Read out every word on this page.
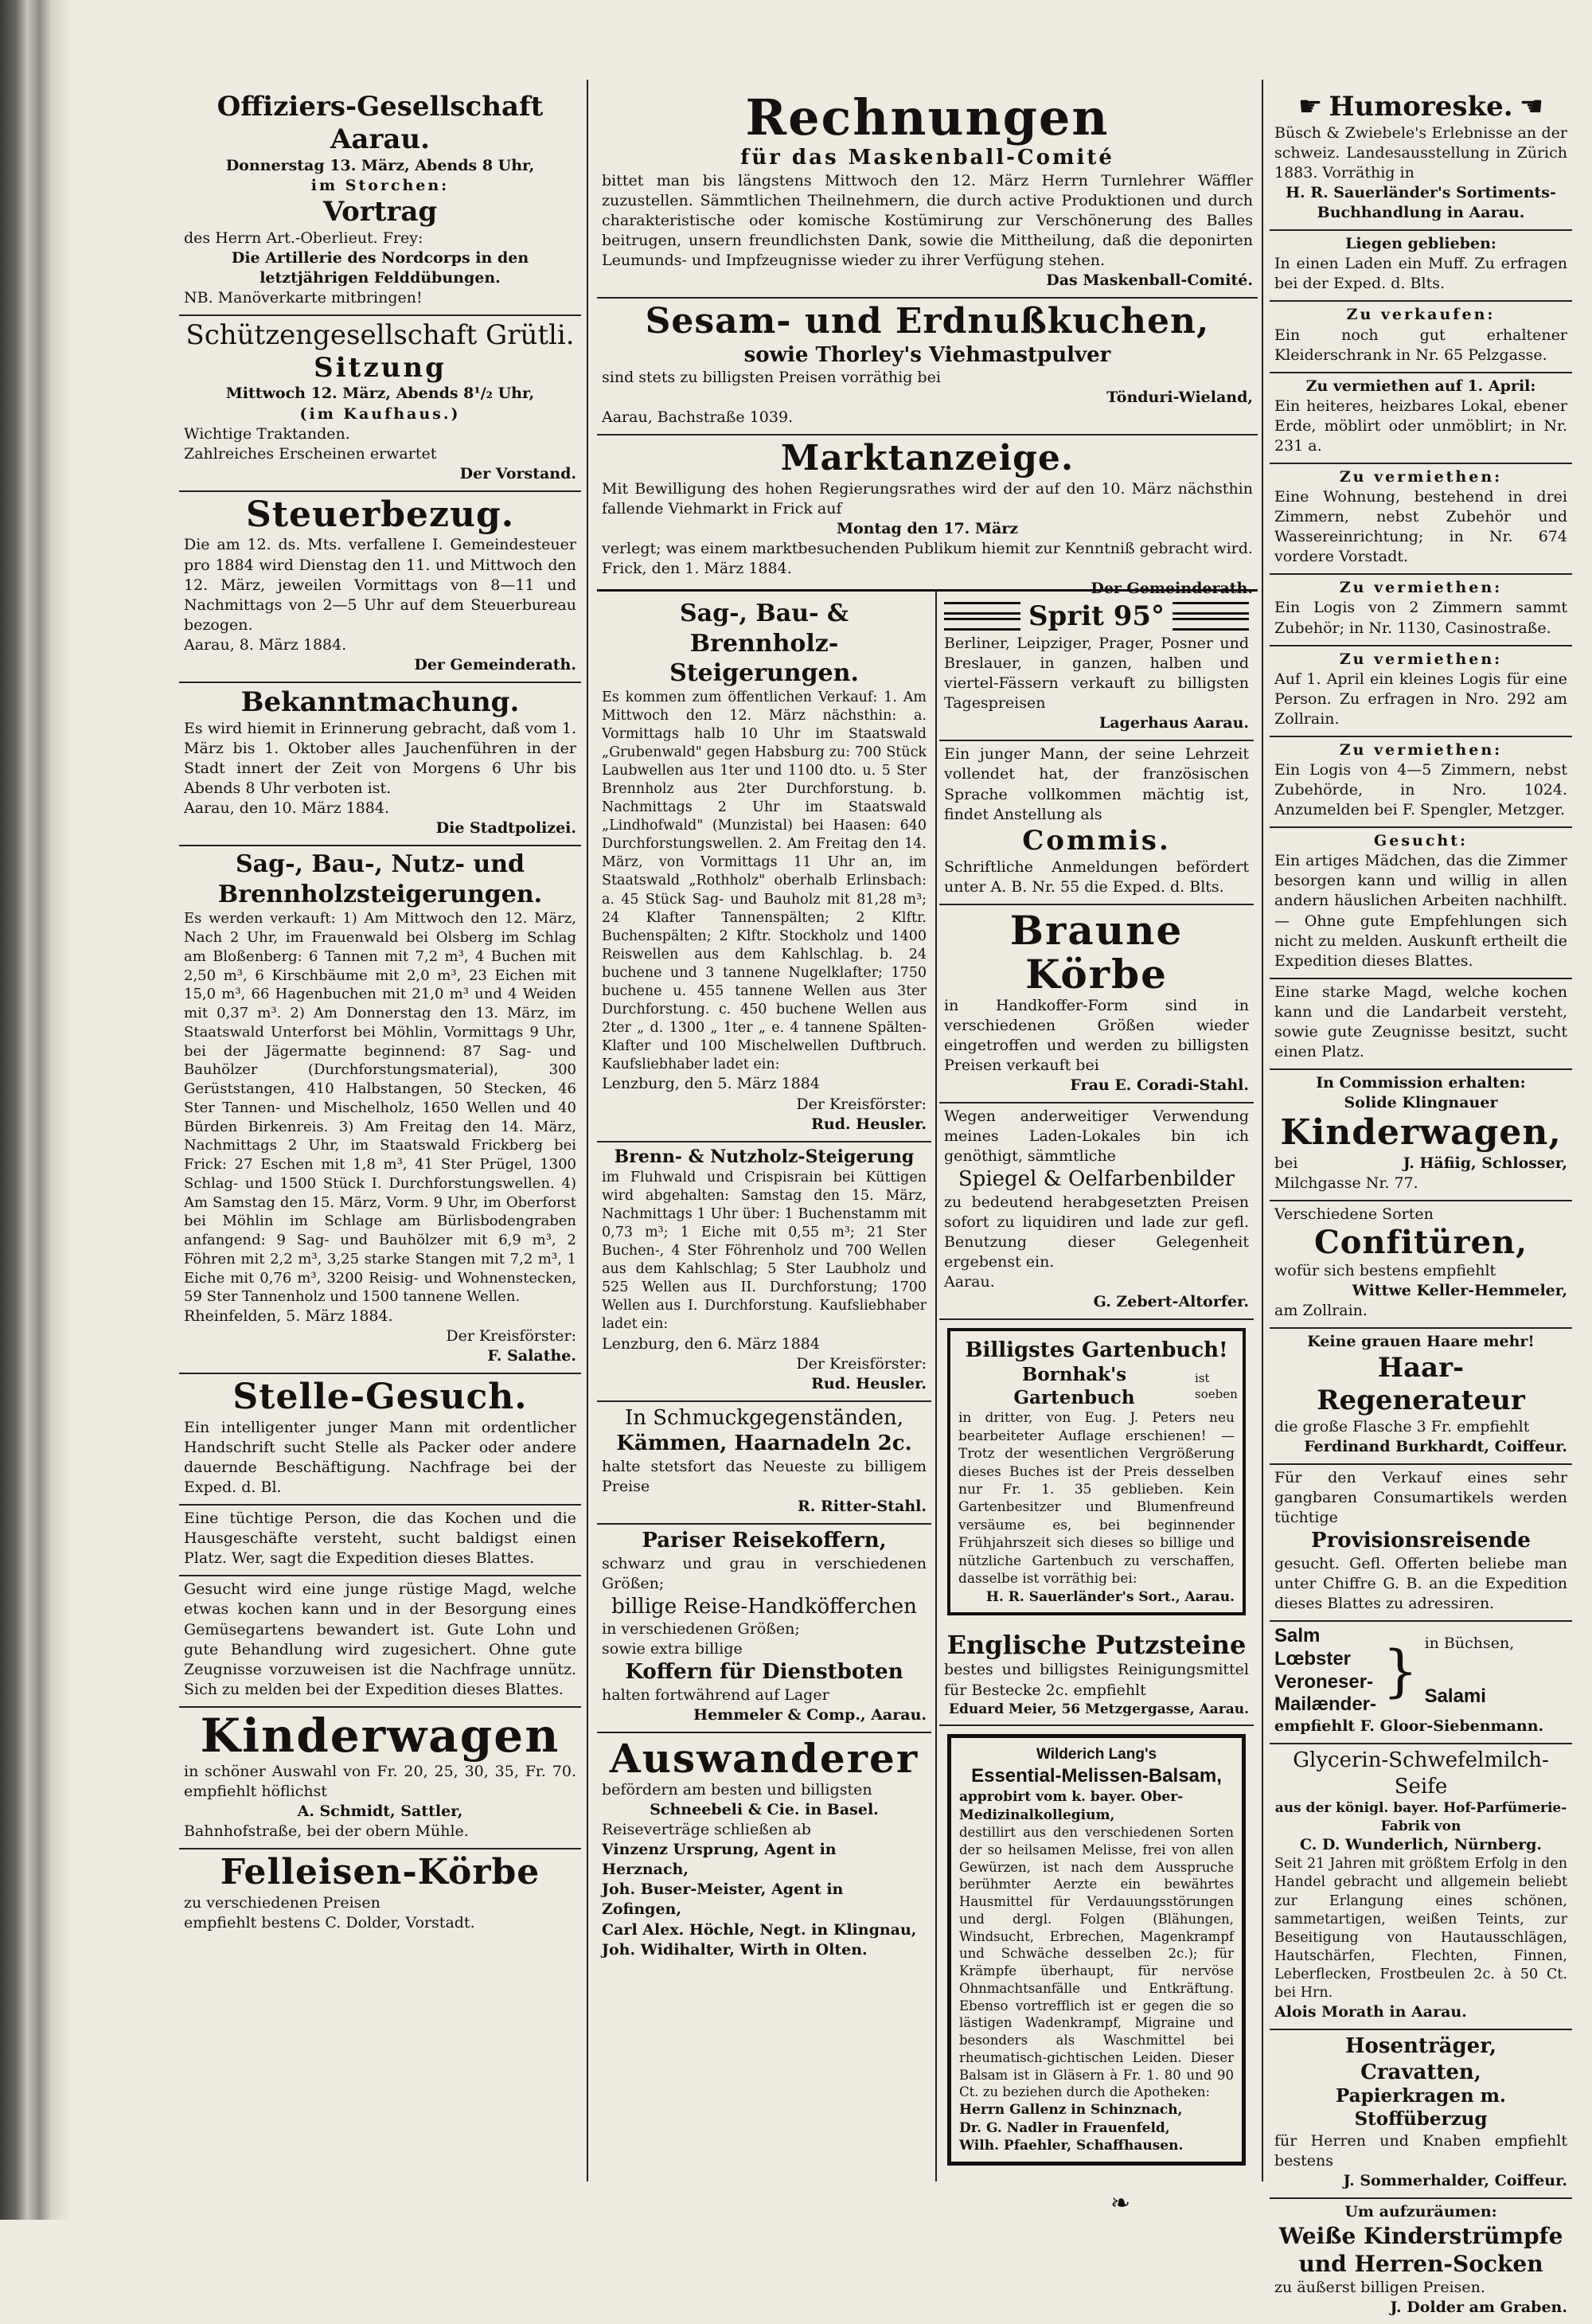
Offiziers-Gesellschaft Aarau.
Donnerstag 13. März, Abends 8 Uhr,
im Storchen:
Vortrag
des Herrn Art.-Oberlieut. Frey:
Die Artillerie des Nordcorps in den letztjährigen Felddübungen.
NB. Manöverkarte mitbringen!
Schützengesellschaft Grütli.
Sitzung
Mittwoch 12. März, Abends 8¹/₂ Uhr,
(im Kaufhaus.)
Wichtige Traktanden.
Zahlreiches Erscheinen erwartet
Der Vorstand.
Steuerbezug.
Die am 12. ds. Mts. verfallene I. Gemeindesteuer pro 1884 wird Dienstag den 11. und Mittwoch den 12. März, jeweilen Vormittags von 8—11 und Nachmittags von 2—5 Uhr auf dem Steuerbureau bezogen.
Aarau, 8. März 1884.
Der Gemeinderath.
Bekanntmachung.
Es wird hiemit in Erinnerung gebracht, daß vom 1. März bis 1. Oktober alles Jauchenführen in der Stadt innert der Zeit von Morgens 6 Uhr bis Abends 8 Uhr verboten ist.
Aarau, den 10. März 1884.
Die Stadtpolizei.
Sag-, Bau-, Nutz- und Brennholzsteigerungen.
Es werden verkauft: 1) Am Mittwoch den 12. März, Nach 2 Uhr, im Frauenwald bei Olsberg im Schlag am Bloßenberg: 6 Tannen mit 7,2 m³, 4 Buchen mit 2,50 m³, 6 Kirschbäume mit 2,0 m³, 23 Eichen mit 15,0 m³, 66 Hagenbuchen mit 21,0 m³ und 4 Weiden mit 0,37 m³. 2) Am Donnerstag den 13. März, im Staatswald Unterforst bei Möhlin, Vormittags 9 Uhr, bei der Jägermatte beginnend: 87 Sag- und Bauhölzer (Durchforstungsmaterial), 300 Gerüststangen, 410 Halbstangen, 50 Stecken, 46 Ster Tannen- und Mischelholz, 1650 Wellen und 40 Bürden Birkenreis. 3) Am Freitag den 14. März, Nachmittags 2 Uhr, im Staatswald Frickberg bei Frick: 27 Eschen mit 1,8 m³, 41 Ster Prügel, 1300 Schlag- und 1500 Stück I. Durchforstungswellen. 4) Am Samstag den 15. März, Vorm. 9 Uhr, im Oberforst bei Möhlin im Schlage am Bürlisbodengraben anfangend: 9 Sag- und Bauhölzer mit 6,9 m³, 2 Föhren mit 2,2 m³, 3,25 starke Stangen mit 7,2 m³, 1 Eiche mit 0,76 m³, 3200 Reisig- und Wohnenstecken, 59 Ster Tannenholz und 1500 tannene Wellen.
Rheinfelden, 5. März 1884.
Der Kreisförster:
F. Salathe.
Stelle-Gesuch.
Ein intelligenter junger Mann mit ordentlicher Handschrift sucht Stelle als Packer oder andere dauernde Beschäftigung. Nachfrage bei der Exped. d. Bl.
Eine tüchtige Person, die das Kochen und die Hausgeschäfte versteht, sucht baldigst einen Platz. Wer, sagt die Expedition dieses Blattes.
Gesucht wird eine junge rüstige Magd, welche etwas kochen kann und in der Besorgung eines Gemüsegartens bewandert ist. Gute Lohn und gute Behandlung wird zugesichert. Ohne gute Zeugnisse vorzuweisen ist die Nachfrage unnütz. Sich zu melden bei der Expedition dieses Blattes.
Kinderwagen
in schöner Auswahl von Fr. 20, 25, 30, 35, Fr. 70. empfiehlt höflichst
A. Schmidt, Sattler,
Bahnhofstraße, bei der obern Mühle.
Felleisen-Körbe
zu verschiedenen Preisen
empfiehlt bestens C. Dolder, Vorstadt.
Rechnungen
für das Maskenball-Comité
bittet man bis längstens Mittwoch den 12. März Herrn Turnlehrer Wäffler zuzustellen. Sämmtlichen Theilnehmern, die durch active Produktionen und durch charakteristische oder komische Kostümirung zur Verschönerung des Balles beitrugen, unsern freundlichsten Dank, sowie die Mittheilung, daß die deponirten Leumunds- und Impfzeugnisse wieder zu ihrer Verfügung stehen.
Das Maskenball-Comité.
Sesam- und Erdnußkuchen,
sowie Thorley's Viehmastpulver
sind stets zu billigsten Preisen vorräthig bei
Tönduri-Wieland,
Aarau, Bachstraße 1039.
Marktanzeige.
Mit Bewilligung des hohen Regierungsrathes wird der auf den 10. März nächsthin fallende Viehmarkt in Frick auf
Montag den 17. März
verlegt; was einem marktbesuchenden Publikum hiemit zur Kenntniß gebracht wird.
Frick, den 1. März 1884.
Der Gemeinderath.
Sag-, Bau- & Brennholz-Steigerungen.
Es kommen zum öffentlichen Verkauf: 1. Am Mittwoch den 12. März nächsthin: a. Vormittags halb 10 Uhr im Staatswald „Grubenwald" gegen Habsburg zu: 700 Stück Laubwellen aus 1ter und 1100 dto. u. 5 Ster Brennholz aus 2ter Durchforstung. b. Nachmittags 2 Uhr im Staatswald „Lindhofwald" (Munzistal) bei Haasen: 640 Durchforstungswellen. 2. Am Freitag den 14. März, von Vormittags 11 Uhr an, im Staatswald „Rothholz" oberhalb Erlinsbach: a. 45 Stück Sag- und Bauholz mit 81,28 m³; 24 Klafter Tannenspälten; 2 Klftr. Buchenspälten; 2 Klftr. Stockholz und 1400 Reiswellen aus dem Kahlschlag. b. 24 buchene und 3 tannene Nugelklafter; 1750 buchene u. 455 tannene Wellen aus 3ter Durchforstung. c. 450 buchene Wellen aus 2ter „ d. 1300 „ 1ter „ e. 4 tannene Spälten-Klafter und 100 Mischelwellen Duftbruch. Kaufsliebhaber ladet ein:
Lenzburg, den 5. März 1884
Der Kreisförster:
Rud. Heusler.
Brenn- & Nutzholz-Steigerung
im Fluhwald und Crispisrain bei Küttigen wird abgehalten: Samstag den 15. März, Nachmittags 1 Uhr über: 1 Buchenstamm mit 0,73 m³; 1 Eiche mit 0,55 m³; 21 Ster Buchen-, 4 Ster Föhrenholz und 700 Wellen aus dem Kahlschlag; 5 Ster Laubholz und 525 Wellen aus II. Durchforstung; 1700 Wellen aus I. Durchforstung. Kaufsliebhaber ladet ein:
Lenzburg, den 6. März 1884
Der Kreisförster:
Rud. Heusler.
In Schmuckgegenständen,
Kämmen, Haarnadeln 2c.
halte stetsfort das Neueste zu billigem Preise
R. Ritter-Stahl.
Pariser Reisekoffern,
schwarz und grau in verschiedenen Größen;
billige Reise-Handköfferchen
in verschiedenen Größen;
sowie extra billige
Koffern für Dienstboten
halten fortwährend auf Lager
Hemmeler & Comp., Aarau.
Auswanderer
befördern am besten und billigsten
Schneebeli & Cie. in Basel.
Reiseverträge schließen ab
Vinzenz Ursprung, Agent in Herznach,
Joh. Buser-Meister, Agent in Zofingen,
Carl Alex. Höchle, Negt. in Klingnau,
Joh. Widihalter, Wirth in Olten.
Sprit 95°
Berliner, Leipziger, Prager, Posner und Breslauer, in ganzen, halben und viertel-Fässern verkauft zu billigsten Tagespreisen
Lagerhaus Aarau.
Ein junger Mann, der seine Lehrzeit vollendet hat, der französischen Sprache vollkommen mächtig ist, findet Anstellung als
Commis.
Schriftliche Anmeldungen befördert unter A. B. Nr. 55 die Exped. d. Blts.
Braune Körbe
in Handkoffer-Form sind in verschiedenen Größen wieder eingetroffen und werden zu billigsten Preisen verkauft bei
Frau E. Coradi-Stahl.
Wegen anderweitiger Verwendung meines Laden-Lokales bin ich genöthigt, sämmtliche
Spiegel & Oelfarbenbilder
zu bedeutend herabgesetzten Preisen sofort zu liquidiren und lade zur gefl. Benutzung dieser Gelegenheit ergebenst ein.
Aarau.
G. Zebert-Altorfer.
Billigstes Gartenbuch!
Bornhak's Gartenbuch
ist soeben
in dritter, von Eug. J. Peters neu bearbeiteter Auflage erschienen! — Trotz der wesentlichen Vergrößerung dieses Buches ist der Preis desselben nur Fr. 1. 35 geblieben. Kein Gartenbesitzer und Blumenfreund versäume es, bei beginnender Frühjahrszeit sich dieses so billige und nützliche Gartenbuch zu verschaffen, dasselbe ist vorräthig bei:
H. R. Sauerländer's Sort., Aarau.
Englische Putzsteine
bestes und billigstes Reinigungsmittel für Bestecke 2c. empfiehlt
Eduard Meier, 56 Metzgergasse, Aarau.
Wilderich Lang's
Essential-Melissen-Balsam,
approbirt vom k. bayer. Ober-Medizinalkollegium,
destillirt aus den verschiedenen Sorten der so heilsamen Melisse, frei von allen Gewürzen, ist nach dem Ausspruche berühmter Aerzte ein bewährtes Hausmittel für Verdauungsstörungen und dergl. Folgen (Blähungen, Windsucht, Erbrechen, Magenkrampf und Schwäche desselben 2c.); für Krämpfe überhaupt, für nervöse Ohnmachtsanfälle und Entkräftung. Ebenso vortrefflich ist er gegen die so lästigen Wadenkrampf, Migraine und besonders als Waschmittel bei rheumatisch-gichtischen Leiden. Dieser Balsam ist in Gläsern à Fr. 1. 80 und 90 Ct. zu beziehen durch die Apotheken:
Herrn Gallenz in Schinznach,
Dr. G. Nadler in Frauenfeld,
Wilh. Pfaehler, Schaffhausen.
☛ Humoreske. ☚
Büsch & Zwiebele's Erlebnisse an der schweiz. Landesausstellung in Zürich 1883. Vorräthig in
H. R. Sauerländer's Sortiments-Buchhandlung in Aarau.
Liegen geblieben:
In einen Laden ein Muff. Zu erfragen bei der Exped. d. Blts.
Zu verkaufen:
Ein noch gut erhaltener Kleiderschrank in Nr. 65 Pelzgasse.
Zu vermiethen auf 1. April:
Ein heiteres, heizbares Lokal, ebener Erde, möblirt oder unmöblirt; in Nr. 231 a.
Zu vermiethen:
Eine Wohnung, bestehend in drei Zimmern, nebst Zubehör und Wassereinrichtung; in Nr. 674 vordere Vorstadt.
Zu vermiethen:
Ein Logis von 2 Zimmern sammt Zubehör; in Nr. 1130, Casinostraße.
Zu vermiethen:
Auf 1. April ein kleines Logis für eine Person. Zu erfragen in Nro. 292 am Zollrain.
Zu vermiethen:
Ein Logis von 4—5 Zimmern, nebst Zubehörde, in Nro. 1024. Anzumelden bei F. Spengler, Metzger.
Gesucht:
Ein artiges Mädchen, das die Zimmer besorgen kann und willig in allen andern häuslichen Arbeiten nachhilft. — Ohne gute Empfehlungen sich nicht zu melden. Auskunft ertheilt die Expedition dieses Blattes.
Eine starke Magd, welche kochen kann und die Landarbeit versteht, sowie gute Zeugnisse besitzt, sucht einen Platz.
In Commission erhalten:
Solide Klingnauer
Kinderwagen,
bei	J. Häfiig, Schlosser,
Milchgasse Nr. 77.
Verschiedene Sorten
Confitüren,
wofür sich bestens empfiehlt
Wittwe Keller-Hemmeler,
am Zollrain.
Keine grauen Haare mehr!
Haar-Regenerateur
die große Flasche 3 Fr. empfiehlt
Ferdinand Burkhardt, Coiffeur.
Für den Verkauf eines sehr gangbaren Consumartikels werden tüchtige
Provisionsreisende
gesucht. Gefl. Offerten beliebe man unter Chiffre G. B. an die Expedition dieses Blattes zu adressiren.
Salm
Lœbster
Veroneser-
Mailænder-
} in Büchsen,
Salami
empfiehlt F. Gloor-Siebenmann.
Glycerin-Schwefelmilch-Seife
aus der königl. bayer. Hof-Parfümerie-Fabrik von
C. D. Wunderlich, Nürnberg.
Seit 21 Jahren mit größtem Erfolg in den Handel gebracht und allgemein beliebt zur Erlangung eines schönen, sammetartigen, weißen Teints, zur Beseitigung von Hautausschlägen, Hautschärfen, Flechten, Finnen, Leberflecken, Frostbeulen 2c. à 50 Ct. bei Hrn.
Alois Morath in Aarau.
Hosenträger,
Cravatten,
Papierkragen m. Stoffüberzug
für Herren und Knaben empfiehlt bestens
J. Sommerhalder, Coiffeur.
Um aufzuräumen:
Weiße Kinderstrümpfe und Herren-Socken
zu äußerst billigen Preisen.
J. Dolder am Graben.
❧
